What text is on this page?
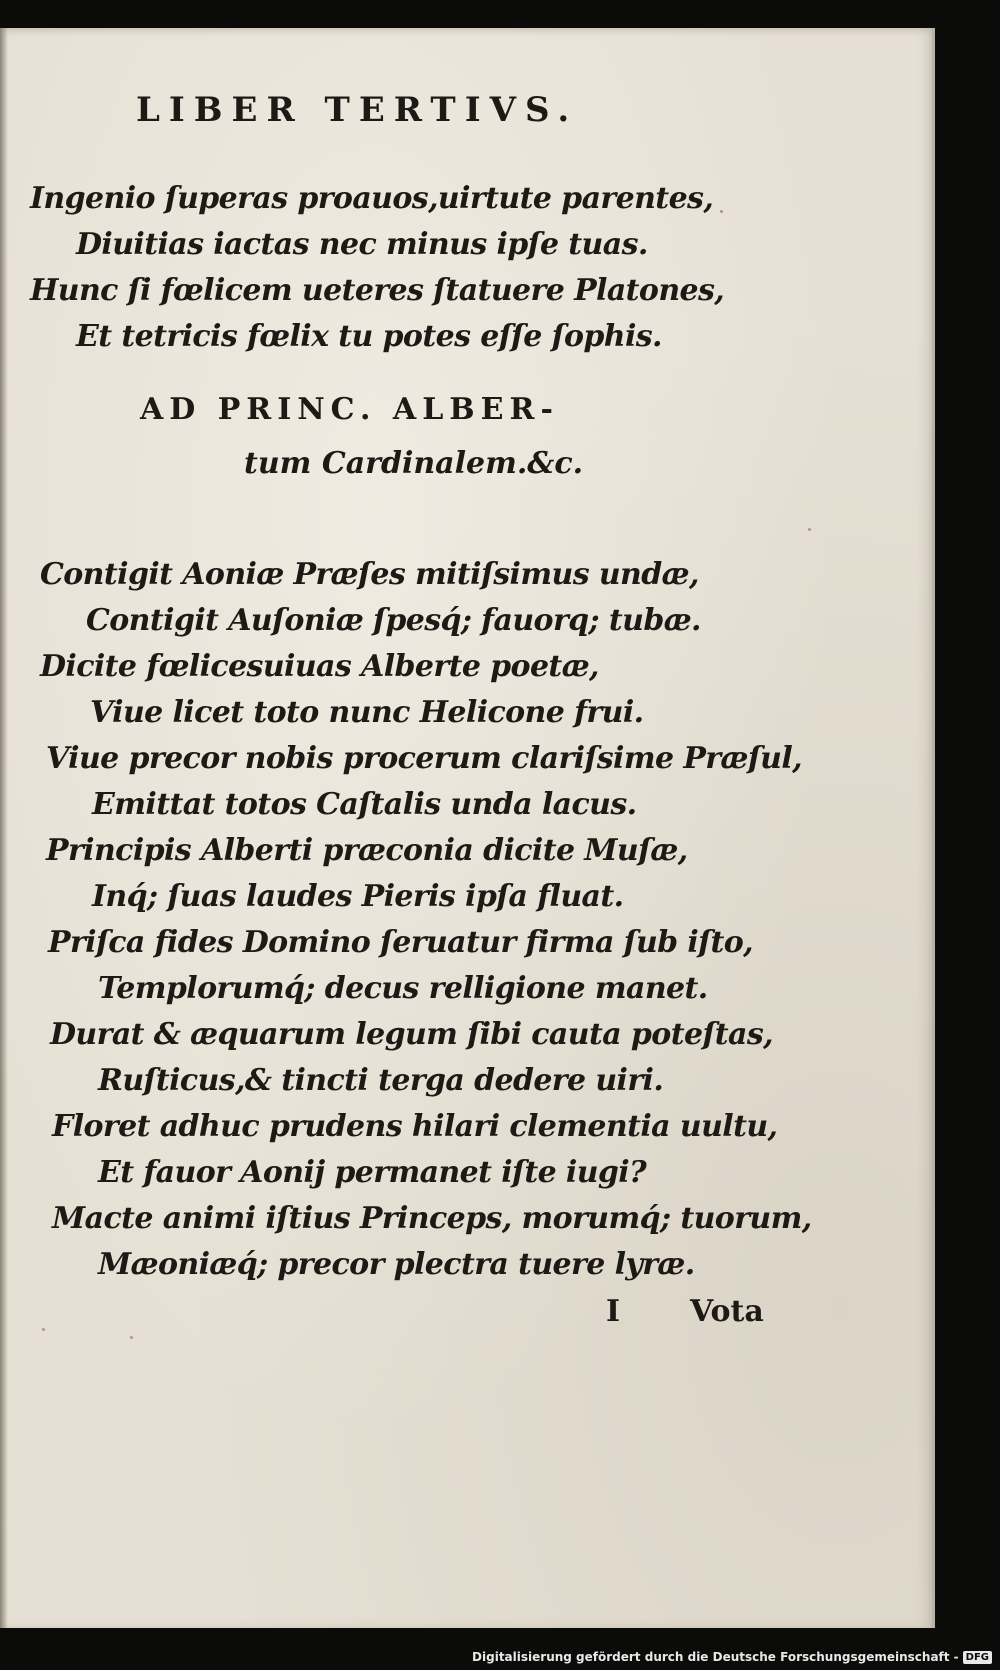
LIBER TERTIVS.
Ingenio ſuperas proauos,uirtute parentes,
Diuitias iactas nec minus ipſe tuas.
Hunc ſi fœlicem ueteres ſtatuere Platones,
Et tetricis fœlix tu potes eſſe ſophis.
AD PRINC. ALBER-
tum Cardinalem.&c.
Contigit Aoniæ Præſes mitiſsimus undæ,
Contigit Auſoniæ ſpesq́; fauorq; tubæ.
Dicite fœlicesuiuas Alberte poetæ,
Viue licet toto nunc Helicone frui.
Viue precor nobis procerum clariſsime Præſul,
Emittat totos Caſtalis unda lacus.
Principis Alberti præconia dicite Muſæ,
Inq́; ſuas laudes Pieris ipſa fluat.
Priſca fides Domino ſeruatur firma ſub iſto,
Templorumq́; decus relligione manet.
Durat & æquarum legum ſibi cauta poteſtas,
Ruſticus,& tincti terga dedere uiri.
Floret adhuc prudens hilari clementia uultu,
Et fauor Aonij permanet iſte iugi?
Macte animi iſtius Princeps, morumq́; tuorum,
Mæoniæq́; precor plectra tuere lyræ.
I Vota
Digitalisierung gefördert durch die Deutsche Forschungsgemeinschaft - DFG
